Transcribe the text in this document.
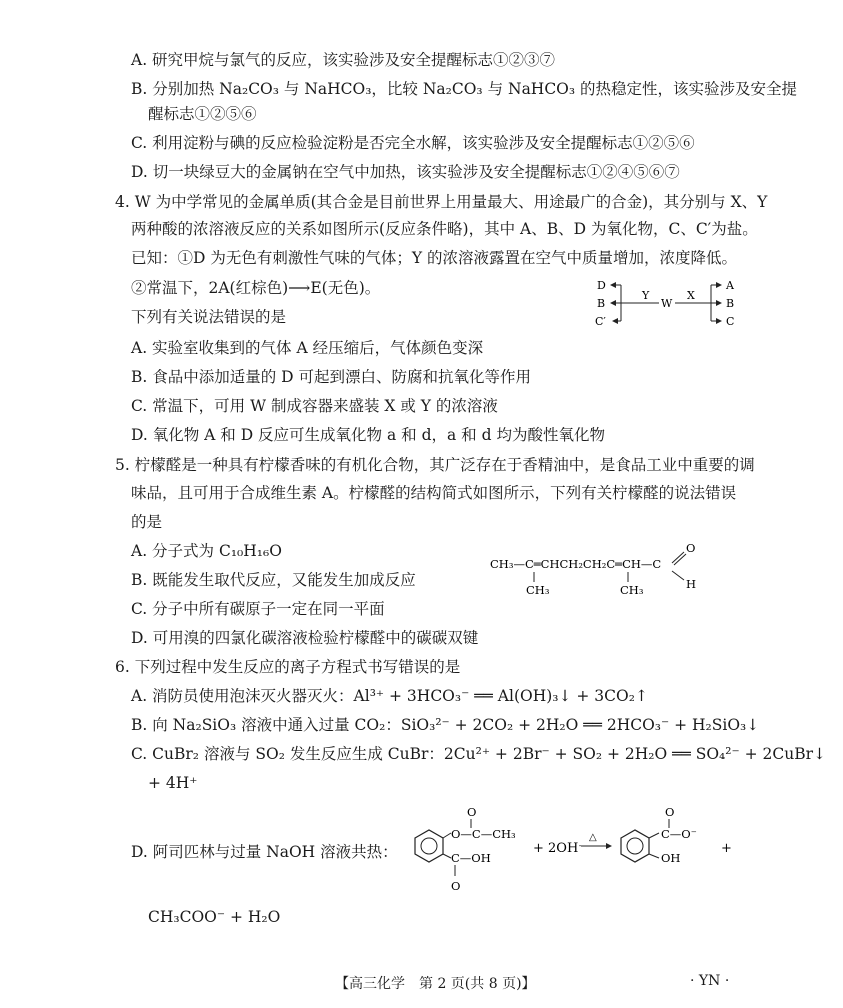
A. 研究甲烷与氯气的反应，该实验涉及安全提醒标志①②③⑦
B. 分别加热 Na₂CO₃ 与 NaHCO₃，比较 Na₂CO₃ 与 NaHCO₃ 的热稳定性，该实验涉及安全提
醒标志①②⑤⑥
C. 利用淀粉与碘的反应检验淀粉是否完全水解，该实验涉及安全提醒标志①②⑤⑥
D. 切一块绿豆大的金属钠在空气中加热，该实验涉及安全提醒标志①②④⑤⑥⑦
4. W 为中学常见的金属单质(其合金是目前世界上用量最大、用途最广的合金)，其分别与 X、Y
两种酸的浓溶液反应的关系如图所示(反应条件略)，其中 A、B、D 为氧化物，C、C′为盐。
已知：①D 为无色有刺激性气味的气体；Y 的浓溶液露置在空气中质量增加，浓度降低。
②常温下，2A(红棕色)⟶E(无色)。
下列有关说法错误的是
D
B
C′
Y
W
X
A
B
C
A. 实验室收集到的气体 A 经压缩后，气体颜色变深
B. 食品中添加适量的 D 可起到漂白、防腐和抗氧化等作用
C. 常温下，可用 W 制成容器来盛装 X 或 Y 的浓溶液
D. 氧化物 A 和 D 反应可生成氧化物 a 和 d，a 和 d 均为酸性氧化物
5. 柠檬醛是一种具有柠檬香味的有机化合物，其广泛存在于香精油中，是食品工业中重要的调
味品，且可用于合成维生素 A。柠檬醛的结构简式如图所示，下列有关柠檬醛的说法错误
的是
A. 分子式为 C₁₀H₁₆O
B. 既能发生取代反应，又能发生加成反应
C. 分子中所有碳原子一定在同一平面
D. 可用溴的四氯化碳溶液检验柠檬醛中的碳碳双键
CH₃—C═CHCH₂CH₂C═CH—C
O
H
CH₃	CH₃
6. 下列过程中发生反应的离子方程式书写错误的是
A. 消防员使用泡沫灭火器灭火：Al³⁺ + 3HCO₃⁻ ══ Al(OH)₃↓ + 3CO₂↑
B. 向 Na₂SiO₃ 溶液中通入过量 CO₂：SiO₃²⁻ + 2CO₂ + 2H₂O ══ 2HCO₃⁻ + H₂SiO₃↓
C. CuBr₂ 溶液与 SO₂ 发生反应生成 CuBr：2Cu²⁺ + 2Br⁻ + SO₂ + 2H₂O ══ SO₄²⁻ + 2CuBr↓
+ 4H⁺
D. 阿司匹林与过量 NaOH 溶液共热：
O
O—C—CH₃
C—OH
O
+ 2OH⁻
△
O
C—O⁻
OH
+
CH₃COO⁻ + H₂O
【高三化学　第 2 页(共 8 页)】	· YN ·
